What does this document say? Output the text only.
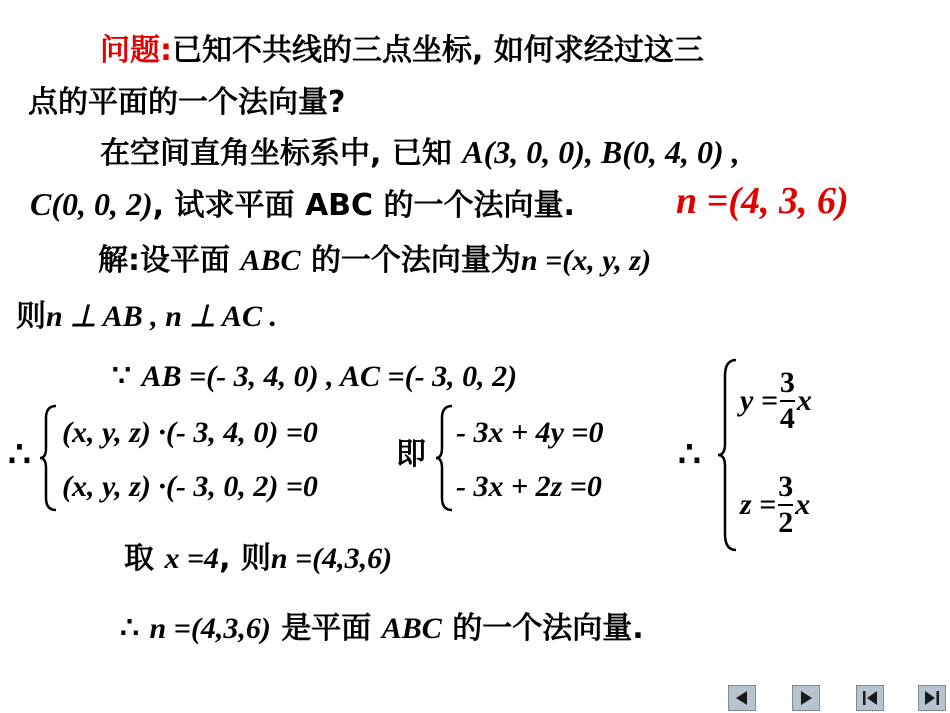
问题:已知不共线的三点坐标, 如何求经过这三
点的平面的一个法向量?
在空间直角坐标系中, 已知 A(3, 0, 0), B(0, 4, 0) ,
C(0, 0, 2), 试求平面 ABC 的一个法向量.	n =(4, 3, 6)
解:设平面 ABC 的一个法向量为n =(x, y, z)
则n ⊥ AB , n ⊥ AC .
∵ AB =(- 3, 4, 0) , AC =(- 3, 0, 2)
∴
(x, y, z) ·(- 3, 4, 0) =0
(x, y, z) ·(- 3, 0, 2) =0
即
- 3x + 4y =0
- 3x + 2z =0
∴
$y = \frac{3}{4}$ x
$z = \frac{3}{2}$ x
取 x =4, 则n =(4,3,6)
∴ n =(4,3,6) 是平面 ABC 的一个法向量.
